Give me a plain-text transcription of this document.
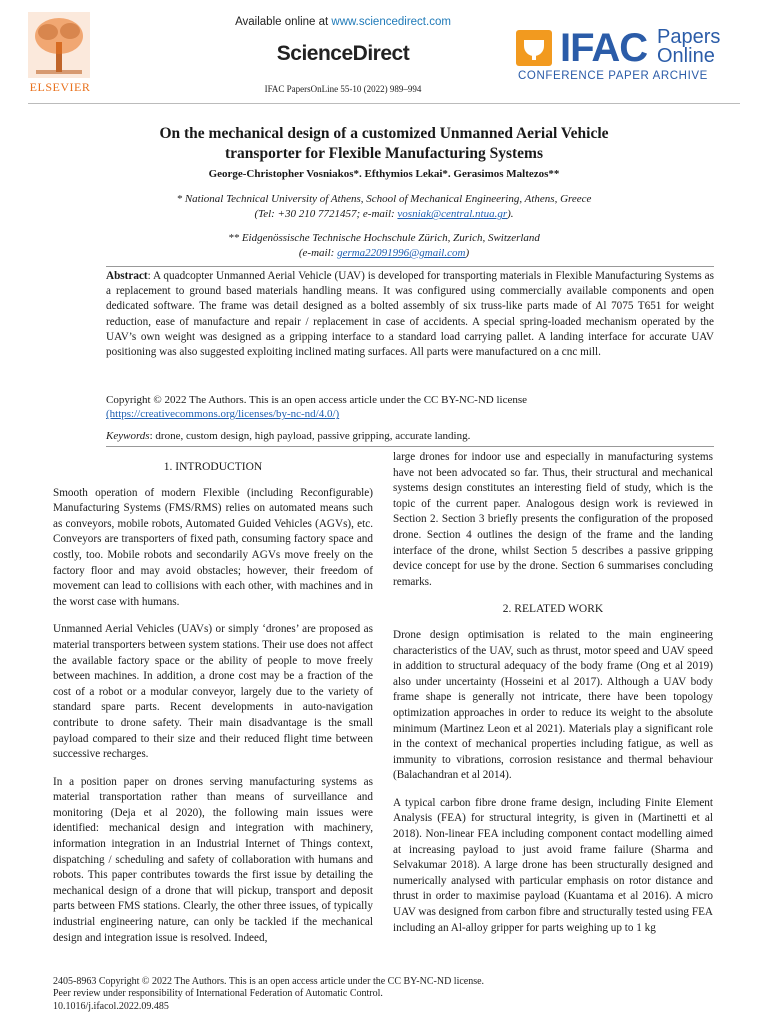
ELSEVIER
Available online at www.sciencedirect.com
ScienceDirect
IFAC PapersOnLine 55-10 (2022) 989–994
IFAC Papers
Online
CONFERENCE PAPER ARCHIVE
On the mechanical design of a customized Unmanned Aerial Vehicle
transporter for Flexible Manufacturing Systems
George-Christopher Vosniakos*. Efthymios Lekai*. Gerasimos Maltezos**
* National Technical University of Athens, School of Mechanical Engineering, Athens, Greece
(Tel: +30 210 7721457; e-mail: vosniak@central.ntua.gr).
** Eidgenössische Technische Hochschule Zürich, Zurich, Switzerland
(e-mail: germa22091996@gmail.com)
Abstract: A quadcopter Unmanned Aerial Vehicle (UAV) is developed for transporting materials in Flexible Manufacturing Systems as a replacement to ground based materials handling means. It was configured using commercially available components and open dedicated software. The frame was detail designed as a bolted assembly of six truss-like parts made of Al 7075 T651 for weight reduction, ease of manufacture and repair / replacement in case of accidents. A special spring-loaded mechanism operated by the UAV’s own weight was designed as a gripping interface to a standard load carrying pallet. A landing interface for accurate UAV positioning was also suggested exploiting inclined mating surfaces. All parts were manufactured on a cnc mill.
Copyright © 2022 The Authors. This is an open access article under the CC BY-NC-ND license
(https://creativecommons.org/licenses/by-nc-nd/4.0/)
Keywords: drone, custom design, high payload, passive gripping, accurate landing.
1. INTRODUCTION

Smooth operation of modern Flexible (including Reconfigurable) Manufacturing Systems (FMS/RMS) relies on automated means such as conveyors, mobile robots, Automated Guided Vehicles (AGVs), etc. Conveyors are transporters of fixed path, consuming factory space and costly, too. Mobile robots and secondarily AGVs move freely on the factory floor and may avoid obstacles; however, their freedom of movement can lead to collisions with each other, with machines and in the worst case with humans.

Unmanned Aerial Vehicles (UAVs) or simply ‘drones’ are proposed as material transporters between system stations. Their use does not affect the available factory space or the ability of people to move freely between machines. In addition, a drone cost may be a fraction of the cost of a robot or a modular conveyor, largely due to the variety of standard spare parts. Recent developments in auto-navigation contribute to drone safety. Their main disadvantage is the small payload compared to their size and their reduced flight time between successive recharges.

In a position paper on drones serving manufacturing systems as material transportation rather than means of surveillance and monitoring (Deja et al 2020), the following main issues were identified: mechanical design and integration with machinery, information integration in an Industrial Internet of Things context, dispatching / scheduling and safety of collaboration with humans and robots. This paper contributes towards the first issue by detailing the mechanical design of a drone that will pickup, transport and deposit parts between FMS stations. Clearly, the other three issues, of typically industrial engineering nature, can only be tackled if the mechanical design and integration issue is resolved. Indeed,

large drones for indoor use and especially in manufacturing systems have not been advocated so far. Thus, their structural and mechanical systems design constitutes an interesting field of study, which is the topic of the current paper. Analogous design work is reviewed in Section 2. Section 3 briefly presents the configuration of the proposed drone. Section 4 outlines the design of the frame and the landing interface of the drone, whilst Section 5 describes a passive gripping device concept for use by the drone. Section 6 summarises concluding remarks.

2. RELATED WORK

Drone design optimisation is related to the main engineering characteristics of the UAV, such as thrust, motor speed and UAV speed in addition to structural adequacy of the body frame (Ong et al 2019) also under uncertainty (Hosseini et al 2017). Although a UAV body frame shape is generally not intricate, there have been topology optimization approaches in order to reduce its weight to the absolute minimum (Martinez Leon et al 2021). Materials play a significant role in the context of mechanical properties including fatigue, as well as immunity to vibrations, corrosion resistance and thermal behaviour (Balachandran et al 2014).

A typical carbon fibre drone frame design, including Finite Element Analysis (FEA) for structural integrity, is given in (Martinetti et al 2018). Non-linear FEA including component contact modelling aimed at increasing payload to just avoid frame failure (Sharma and Selvakumar 2018). A large drone has been structurally designed and numerically analysed with particular emphasis on rotor distance and thrust in order to maximise payload (Kuantama et al 2016). A micro UAV was designed from carbon fibre and structurally tested using FEA including an Al-alloy gripper for parts weighing up to 1 kg

2405-8963 Copyright © 2022 The Authors. This is an open access article under the CC BY-NC-ND license.
Peer review under responsibility of International Federation of Automatic Control.
10.1016/j.ifacol.2022.09.485
